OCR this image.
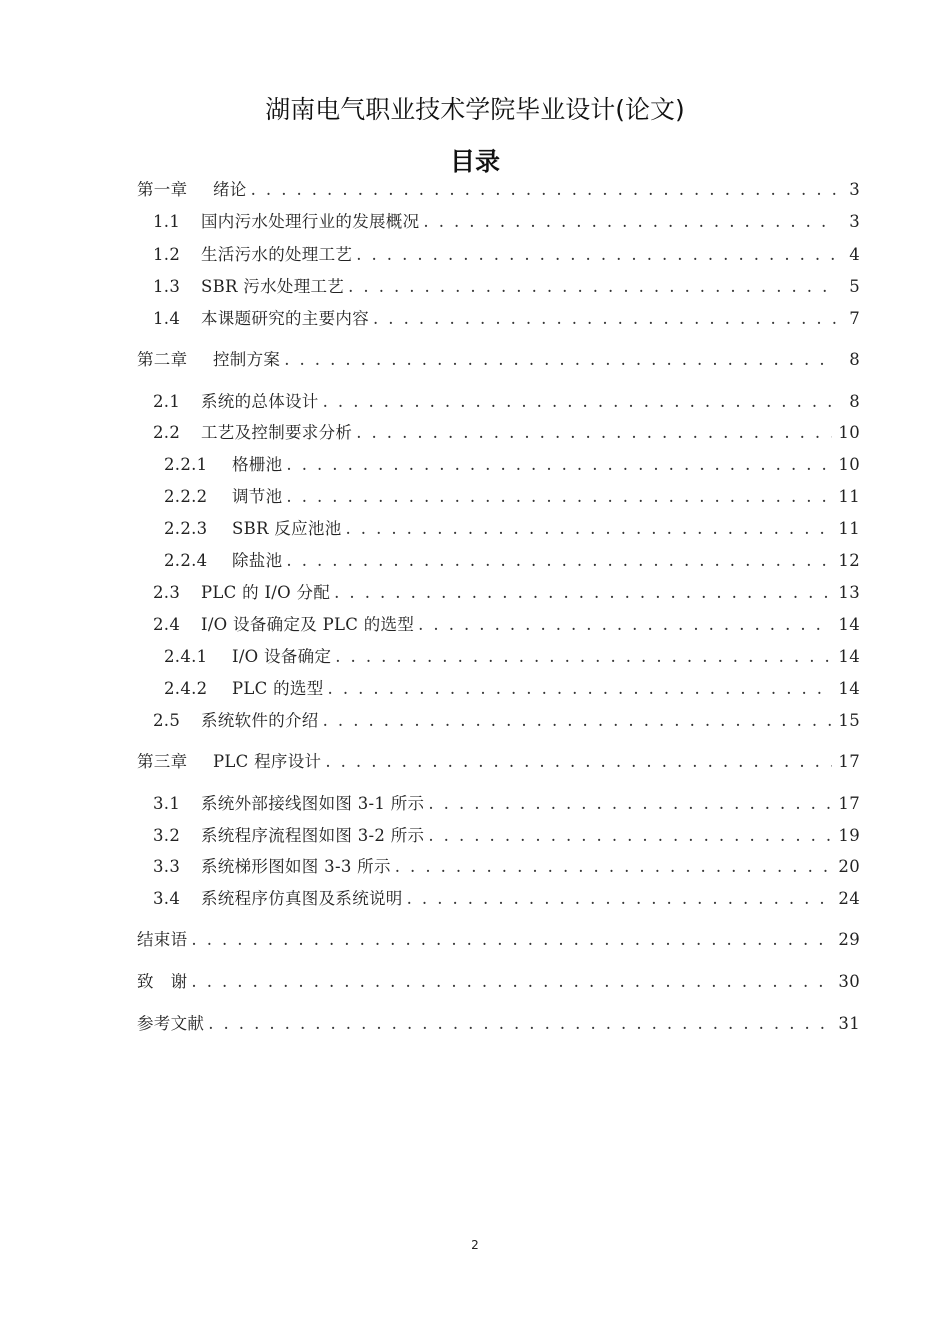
湖南电气职业技术学院毕业设计(论文)
目录
第一章	绪论 . . .	3
1.1	国内污水处理行业的发展概况 . . .	3
1.2	生活污水的处理工艺 . . .	4
1.3	SBR 污水处理工艺 . . .	5
1.4	本课题研究的主要内容 . . .	7
第二章	控制方案 . . .	8
2.1	系统的总体设计 . . .	8
2.2	工艺及控制要求分析 . . .	10
2.2.1	格栅池 . . .	10
2.2.2	调节池 . . .	11
2.2.3	SBR 反应池池 . . .	11
2.2.4	除盐池 . . .	12
2.3	PLC 的 I/O 分配 . . .	13
2.4	I/O 设备确定及 PLC 的选型 . . .	14
2.4.1	I/O 设备确定 . . .	14
2.4.2	PLC 的选型 . . .	14
2.5	系统软件的介绍 . . .	15
第三章	PLC 程序设计 . . .	17
3.1	系统外部接线图如图 3-1 所示 . . .	17
3.2	系统程序流程图如图 3-2 所示 . . .	19
3.3	系统梯形图如图 3-3 所示 . . .	20
3.4	系统程序仿真图及系统说明 . . .	24
结束语 . . .	29
致　谢 . . .	30
参考文献 . . .	31
2
